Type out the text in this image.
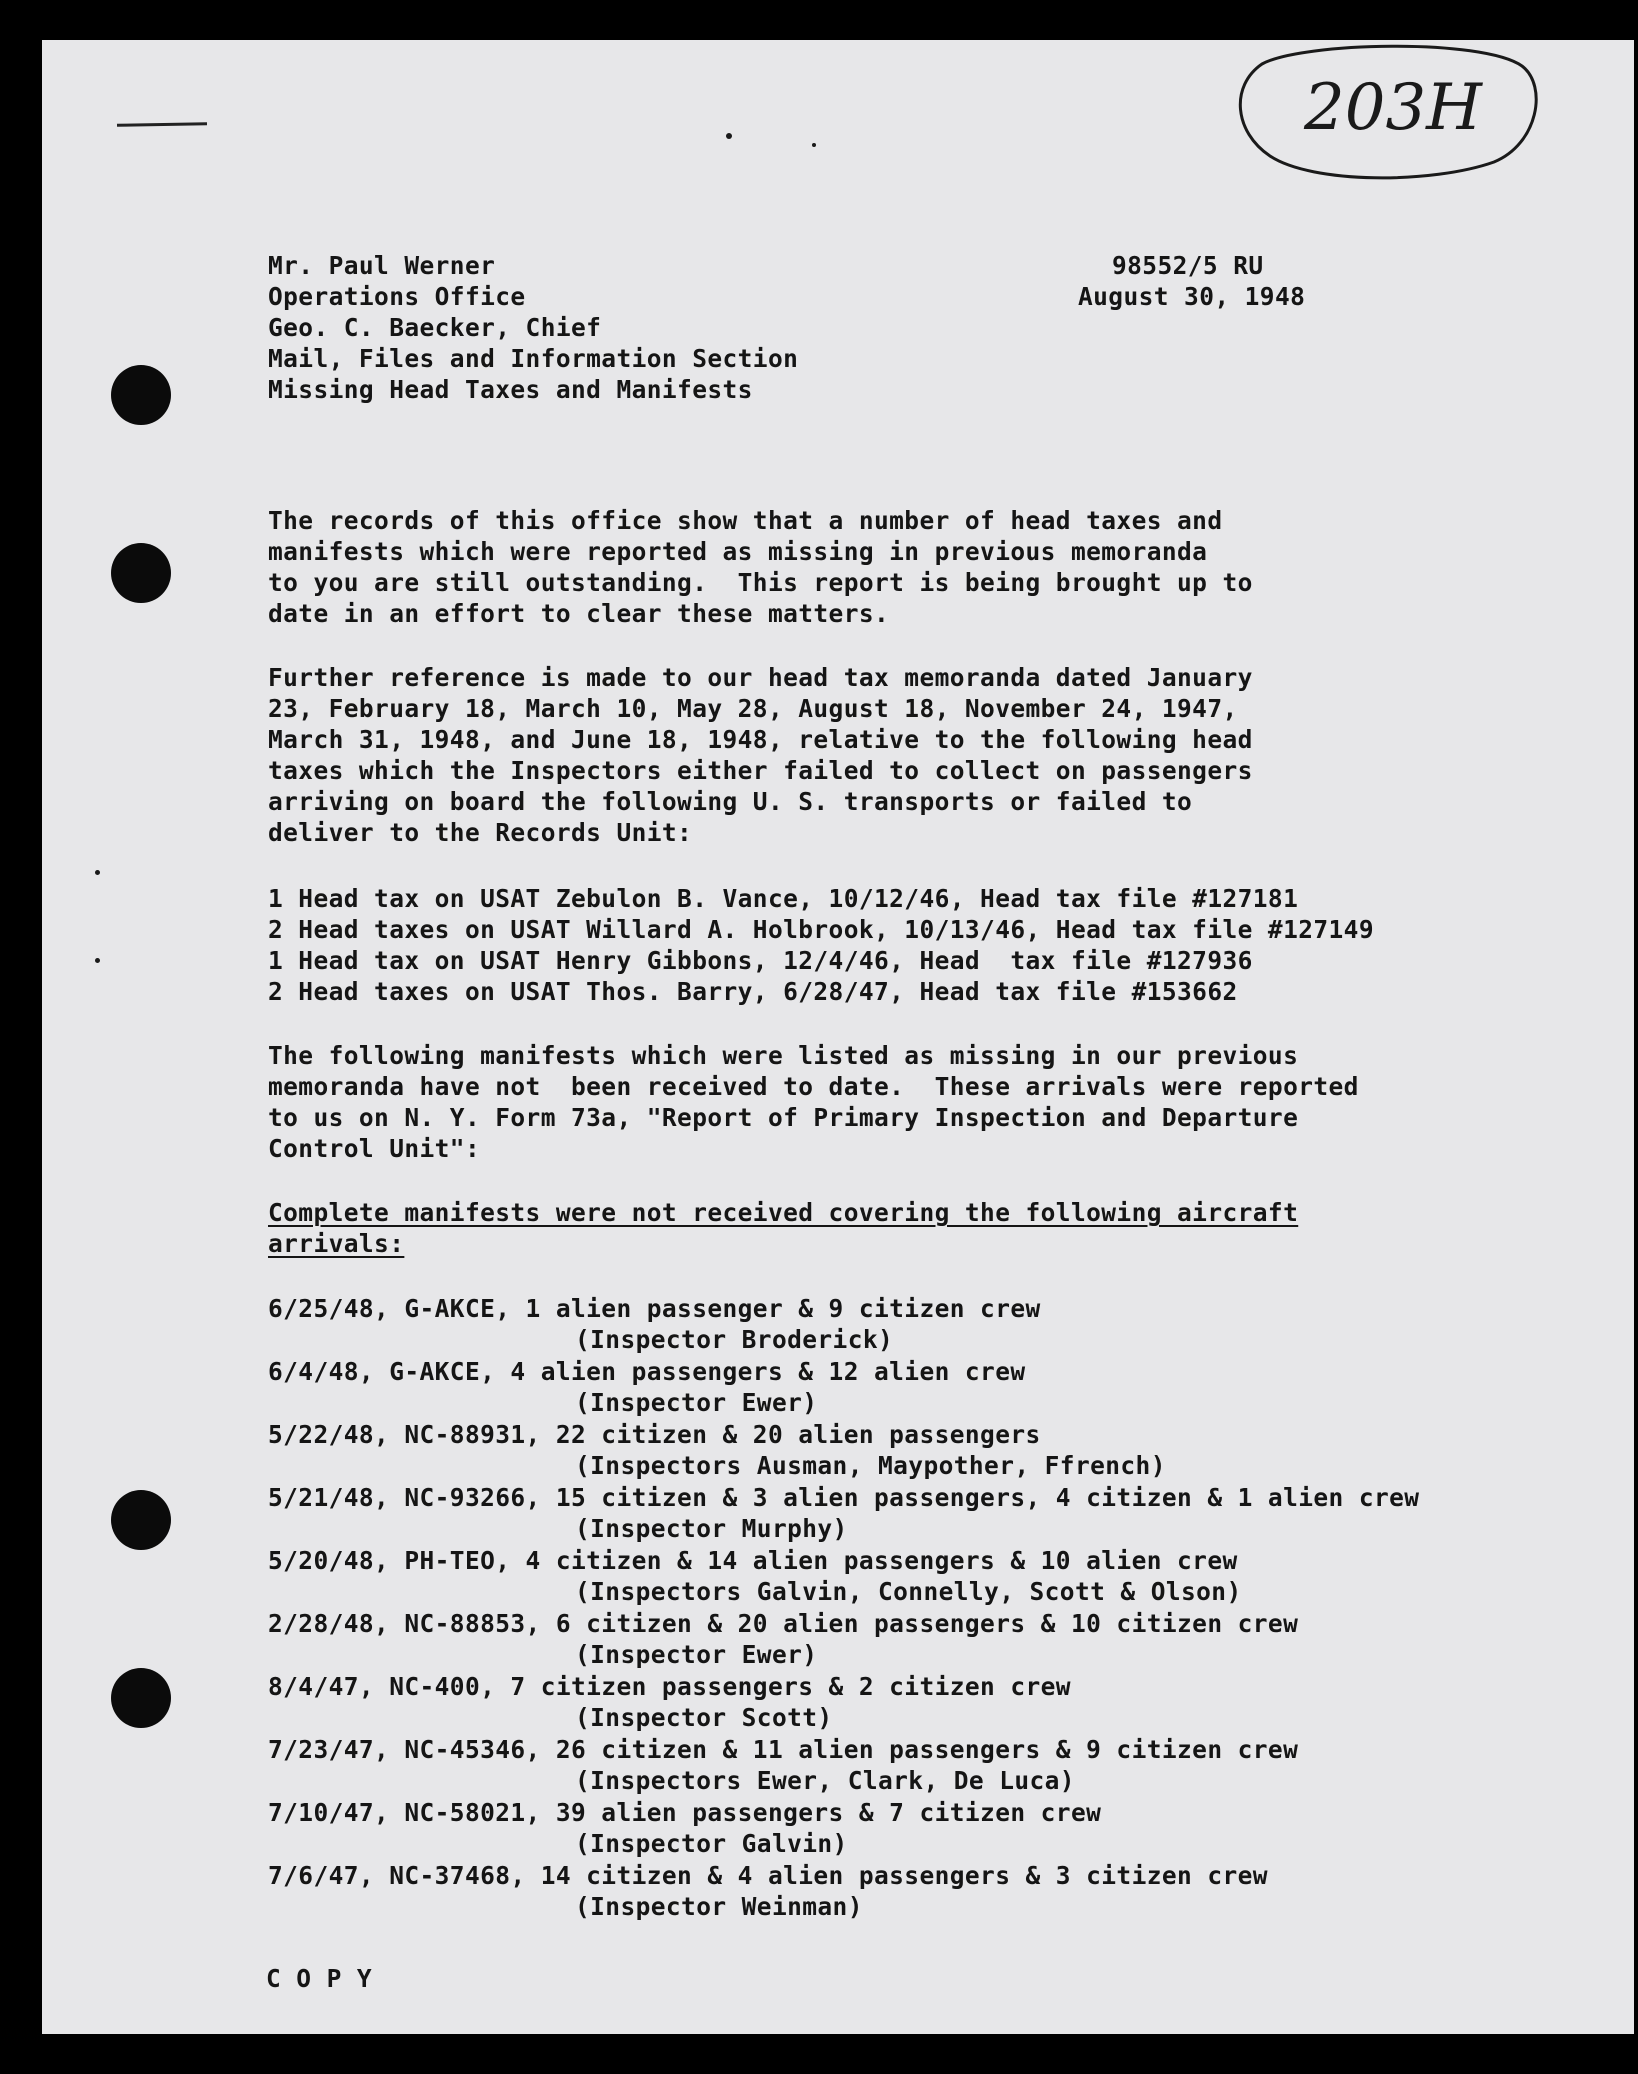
203H
Mr. Paul Werner
Operations Office
Geo. C. Baecker, Chief
Mail, Files and Information Section
Missing Head Taxes and Manifests
98552/5 RU
August 30, 1948
The records of this office show that a number of head taxes and
manifests which were reported as missing in previous memoranda
to you are still outstanding.  This report is being brought up to
date in an effort to clear these matters.
Further reference is made to our head tax memoranda dated January
23, February 18, March 10, May 28, August 18, November 24, 1947,
March 31, 1948, and June 18, 1948, relative to the following head
taxes which the Inspectors either failed to collect on passengers
arriving on board the following U. S. transports or failed to
deliver to the Records Unit:
1 Head tax on USAT Zebulon B. Vance, 10/12/46, Head tax file #127181
2 Head taxes on USAT Willard A. Holbrook, 10/13/46, Head tax file #127149
1 Head tax on USAT Henry Gibbons, 12/4/46, Head  tax file #127936
2 Head taxes on USAT Thos. Barry, 6/28/47, Head tax file #153662
The following manifests which were listed as missing in our previous
memoranda have not  been received to date.  These arrivals were reported
to us on N. Y. Form 73a, "Report of Primary Inspection and Departure
Control Unit":
Complete manifests were not received covering the following aircraft
arrivals:
6/25/48, G-AKCE, 1 alien passenger & 9 citizen crew
(Inspector Broderick)
6/4/48, G-AKCE, 4 alien passengers & 12 alien crew
(Inspector Ewer)
5/22/48, NC-88931, 22 citizen & 20 alien passengers
(Inspectors Ausman, Maypother, Ffrench)
5/21/48, NC-93266, 15 citizen & 3 alien passengers, 4 citizen & 1 alien crew
(Inspector Murphy)
5/20/48, PH-TEO, 4 citizen & 14 alien passengers & 10 alien crew
(Inspectors Galvin, Connelly, Scott & Olson)
2/28/48, NC-88853, 6 citizen & 20 alien passengers & 10 citizen crew
(Inspector Ewer)
8/4/47, NC-400, 7 citizen passengers & 2 citizen crew
(Inspector Scott)
7/23/47, NC-45346, 26 citizen & 11 alien passengers & 9 citizen crew
(Inspectors Ewer, Clark, De Luca)
7/10/47, NC-58021, 39 alien passengers & 7 citizen crew
(Inspector Galvin)
7/6/47, NC-37468, 14 citizen & 4 alien passengers & 3 citizen crew
(Inspector Weinman)
C O P Y
